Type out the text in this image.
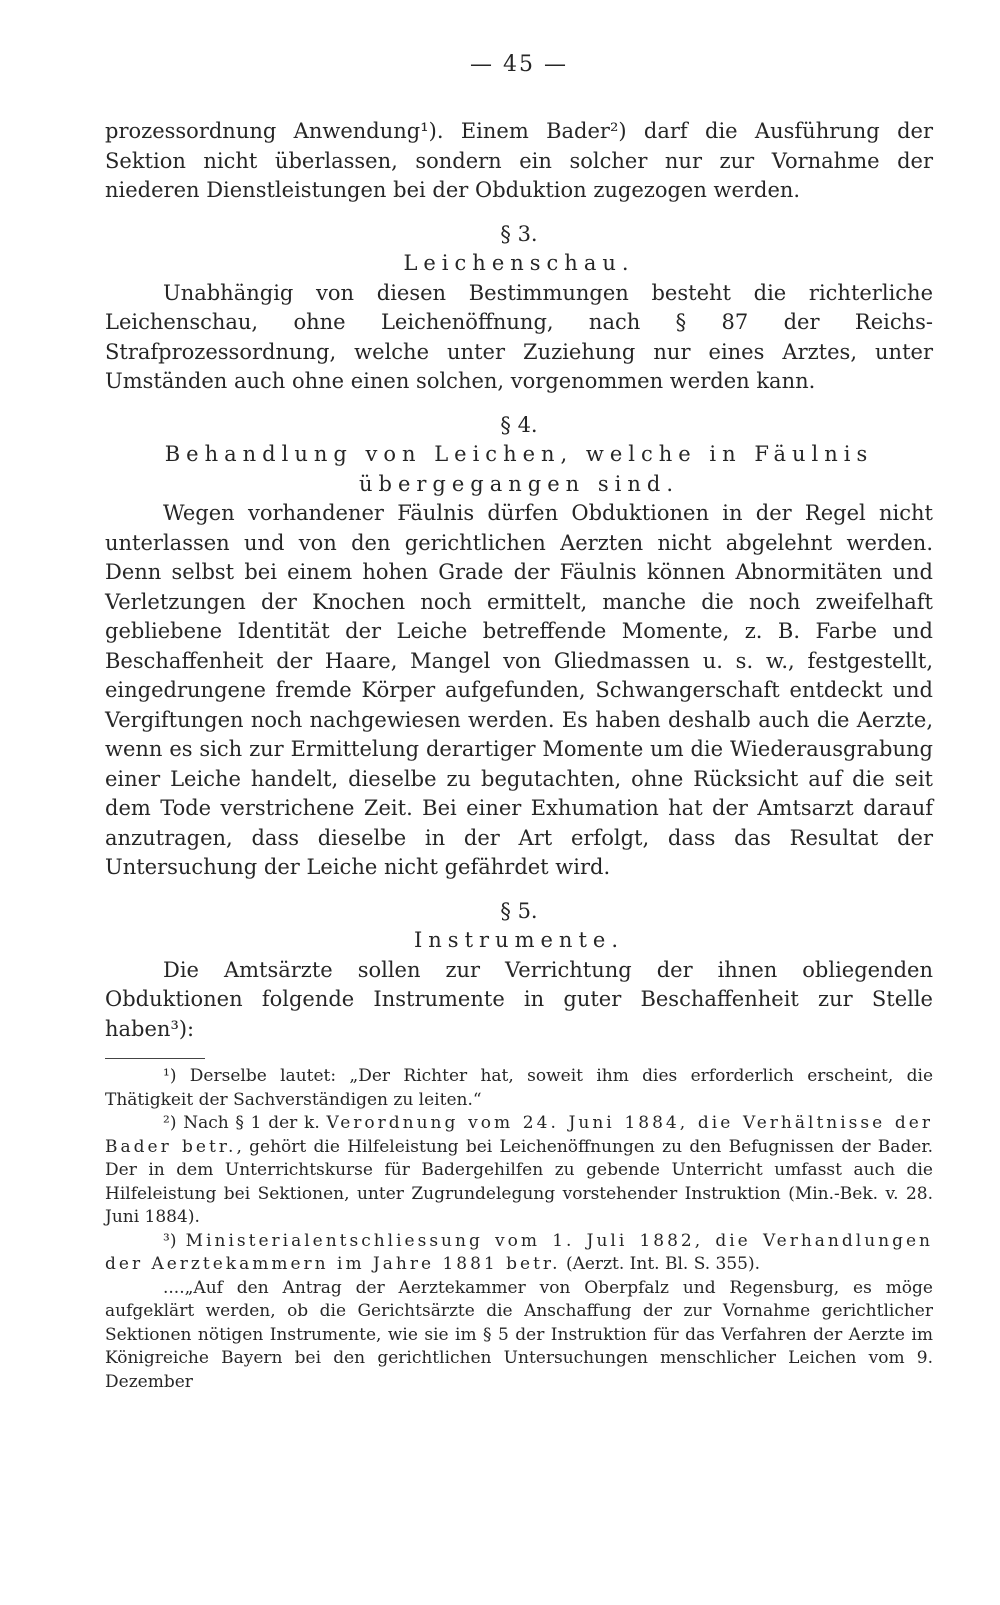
— 45 —

prozessordnung Anwendung¹). Einem Bader²) darf die Ausführung der Sektion nicht überlassen, sondern ein solcher nur zur Vornahme der niederen Dienstleistungen bei der Obduktion zugezogen werden.

§ 3.
Leichenschau.

Unabhängig von diesen Bestimmungen besteht die richterliche Leichenschau, ohne Leichenöffnung, nach § 87 der Reichs-Strafprozessordnung, welche unter Zuziehung nur eines Arztes, unter Umständen auch ohne einen solchen, vorgenommen werden kann.

§ 4.
Behandlung von Leichen, welche in Fäulnis
übergegangen sind.

Wegen vorhandener Fäulnis dürfen Obduktionen in der Regel nicht unterlassen und von den gerichtlichen Aerzten nicht abgelehnt werden. Denn selbst bei einem hohen Grade der Fäulnis können Abnormitäten und Verletzungen der Knochen noch ermittelt, manche die noch zweifelhaft gebliebene Identität der Leiche betreffende Momente, z. B. Farbe und Beschaffenheit der Haare, Mangel von Gliedmassen u. s. w., festgestellt, eingedrungene fremde Körper aufgefunden, Schwangerschaft entdeckt und Vergiftungen noch nachgewiesen werden. Es haben deshalb auch die Aerzte, wenn es sich zur Ermittelung derartiger Momente um die Wiederausgrabung einer Leiche handelt, dieselbe zu begutachten, ohne Rücksicht auf die seit dem Tode verstrichene Zeit. Bei einer Exhumation hat der Amtsarzt darauf anzutragen, dass dieselbe in der Art erfolgt, dass das Resultat der Untersuchung der Leiche nicht gefährdet wird.

§ 5.
Instrumente.

Die Amtsärzte sollen zur Verrichtung der ihnen obliegenden Obduktionen folgende Instrumente in guter Beschaffenheit zur Stelle haben³):

¹) Derselbe lautet: „Der Richter hat, soweit ihm dies erforderlich erscheint, die Thätigkeit der Sachverständigen zu leiten.“

²) Nach § 1 der k. Verordnung vom 24. Juni 1884, die Verhältnisse der Bader betr., gehört die Hilfeleistung bei Leichenöffnungen zu den Befugnissen der Bader. Der in dem Unterrichtskurse für Badergehilfen zu gebende Unterricht umfasst auch die Hilfeleistung bei Sektionen, unter Zugrundelegung vorstehender Instruktion (Min.-Bek. v. 28. Juni 1884).

³) Ministerialentschliessung vom 1. Juli 1882, die Verhandlungen der Aerztekammern im Jahre 1881 betr. (Aerzt. Int. Bl. S. 355).

....„Auf den Antrag der Aerztekammer von Oberpfalz und Regensburg, es möge aufgeklärt werden, ob die Gerichtsärzte die Anschaffung der zur Vornahme gerichtlicher Sektionen nötigen Instrumente, wie sie im § 5 der Instruktion für das Verfahren der Aerzte im Königreiche Bayern bei den gerichtlichen Untersuchungen menschlicher Leichen vom 9. Dezember
